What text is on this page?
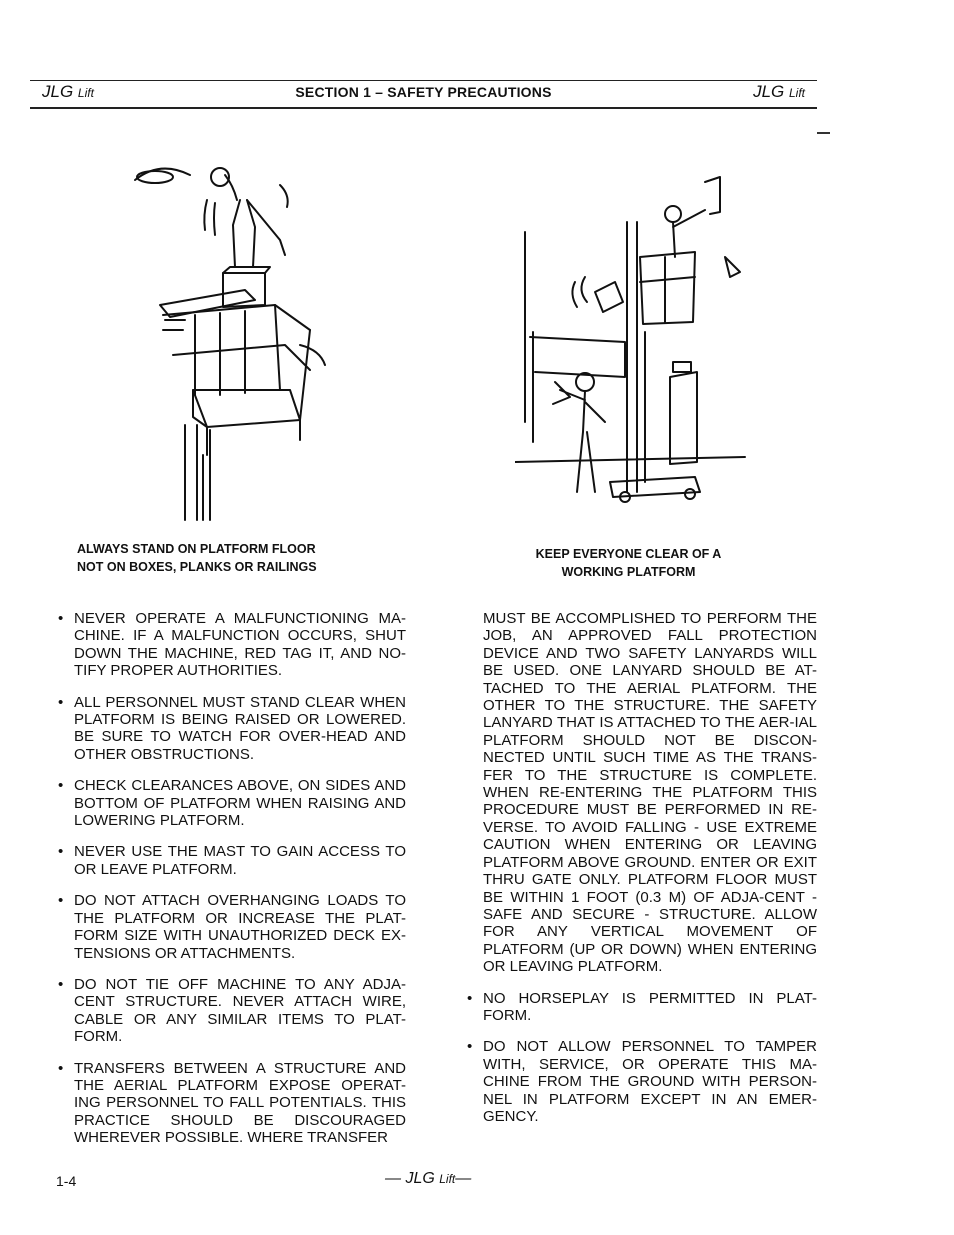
JLG Lift	SECTION 1 – SAFETY PRECAUTIONS	JLG Lift
ALWAYS STAND ON PLATFORM FLOOR
NOT ON BOXES, PLANKS OR RAILINGS
KEEP EVERYONE CLEAR OF A
WORKING PLATFORM
• NEVER OPERATE A MALFUNCTIONING MA-CHINE. IF A MALFUNCTION OCCURS, SHUT DOWN THE MACHINE, RED TAG IT, AND NO-TIFY PROPER AUTHORITIES.
• ALL PERSONNEL MUST STAND CLEAR WHEN PLATFORM IS BEING RAISED OR LOWERED. BE SURE TO WATCH FOR OVER-HEAD AND OTHER OBSTRUCTIONS.
• CHECK CLEARANCES ABOVE, ON SIDES AND BOTTOM OF PLATFORM WHEN RAISING AND LOWERING PLATFORM.
• NEVER USE THE MAST TO GAIN ACCESS TO OR LEAVE PLATFORM.
• DO NOT ATTACH OVERHANGING LOADS TO THE PLATFORM OR INCREASE THE PLAT-FORM SIZE WITH UNAUTHORIZED DECK EX-TENSIONS OR ATTACHMENTS.
• DO NOT TIE OFF MACHINE TO ANY ADJA-CENT STRUCTURE. NEVER ATTACH WIRE, CABLE OR ANY SIMILAR ITEMS TO PLAT-FORM.
• TRANSFERS BETWEEN A STRUCTURE AND THE AERIAL PLATFORM EXPOSE OPERAT-ING PERSONNEL TO FALL POTENTIALS. THIS PRACTICE SHOULD BE DISCOURAGED WHEREVER POSSIBLE. WHERE TRANSFER
MUST BE ACCOMPLISHED TO PERFORM THE JOB, AN APPROVED FALL PROTECTION DEVICE AND TWO SAFETY LANYARDS WILL BE USED. ONE LANYARD SHOULD BE AT-TACHED TO THE AERIAL PLATFORM. THE OTHER TO THE STRUCTURE. THE SAFETY LANYARD THAT IS ATTACHED TO THE AER-IAL PLATFORM SHOULD NOT BE DISCON-NECTED UNTIL SUCH TIME AS THE TRANS-FER TO THE STRUCTURE IS COMPLETE. WHEN RE-ENTERING THE PLATFORM THIS PROCEDURE MUST BE PERFORMED IN RE-VERSE. TO AVOID FALLING - USE EXTREME CAUTION WHEN ENTERING OR LEAVING PLATFORM ABOVE GROUND. ENTER OR EXIT THRU GATE ONLY. PLATFORM FLOOR MUST BE WITHIN 1 FOOT (0.3 M) OF ADJA-CENT - SAFE AND SECURE - STRUCTURE. ALLOW FOR ANY VERTICAL MOVEMENT OF PLATFORM (UP OR DOWN) WHEN ENTERING OR LEAVING PLATFORM.
• NO HORSEPLAY IS PERMITTED IN PLAT-FORM.
• DO NOT ALLOW PERSONNEL TO TAMPER WITH, SERVICE, OR OPERATE THIS MA-CHINE FROM THE GROUND WITH PERSON-NEL IN PLATFORM EXCEPT IN AN EMER-GENCY.
1-4	— JLG Lift—
